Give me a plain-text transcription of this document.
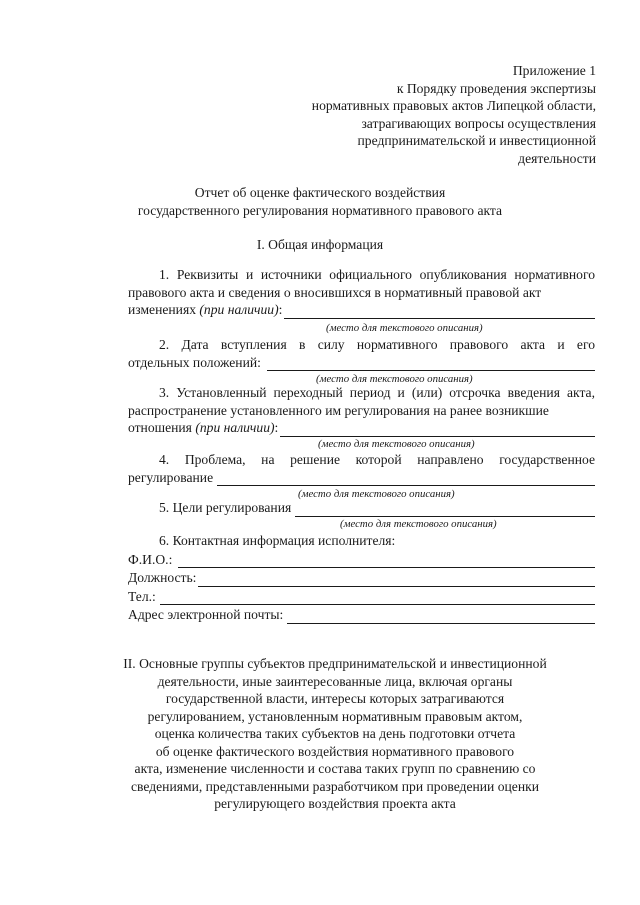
Приложение 1
к Порядку проведения экспертизы
нормативных правовых актов Липецкой области,
затрагивающих вопросы осуществления
предпринимательской и инвестиционной
деятельности
Отчет об оценке фактического воздействия
государственного регулирования нормативного правового акта
I. Общая информация

1. Реквизиты и источники официального опубликования нормативного правового акта и сведения о вносившихся в нормативный правовой акт

изменениях
(при наличии) :
(место для текстового описания)

2. Дата вступления в силу нормативного правового акта и его

отдельных положений:
(место для текстового описания)

3. Установленный переходный период и (или) отсрочка введения акта, распространение установленного им регулирования на ранее возникшие

отношения
(при наличии) :
(место для текстового описания)

4. Проблема, на решение которой направлено государственное

регулирование
(место для текстового описания)
5. Цели регулирования
(место для текстового описания)
6. Контактная информация исполнителя:
Ф.И.О.:
Должность:
Тел.:
Адрес электронной почты:
II. Основные группы субъектов предпринимательской и инвестиционной
деятельности, иные заинтересованные лица, включая органы
государственной власти, интересы которых затрагиваются
регулированием, установленным нормативным правовым актом,
оценка количества таких субъектов на день подготовки отчета
об оценке фактического воздействия нормативного правового
акта, изменение численности и состава таких групп по сравнению со
сведениями, представленными разработчиком при проведении оценки
регулирующего воздействия проекта акта
